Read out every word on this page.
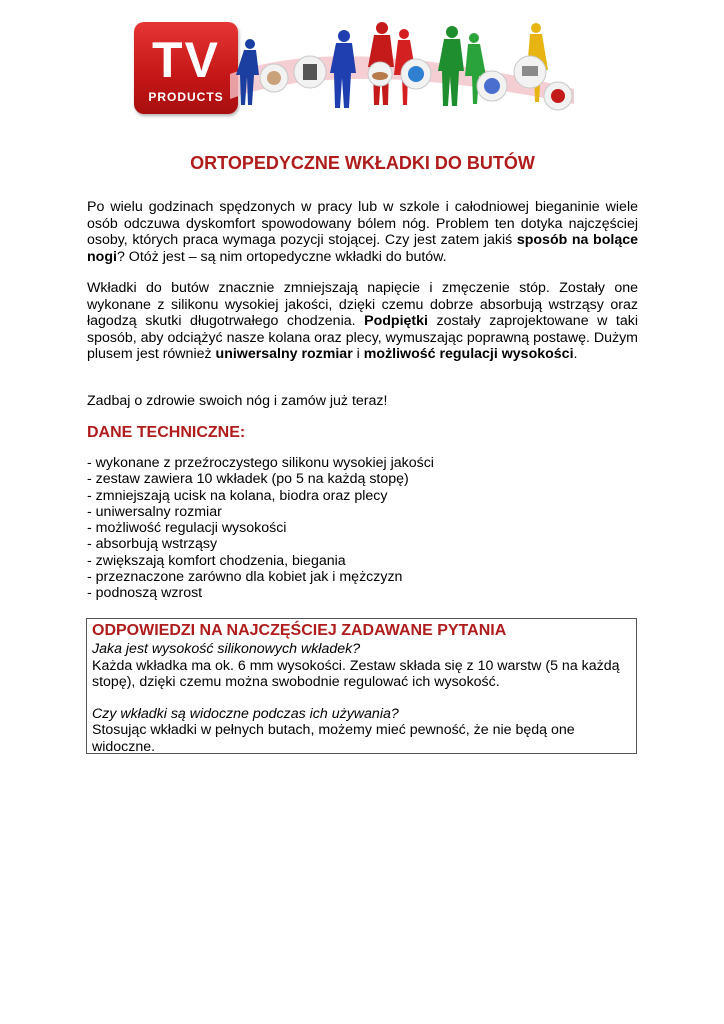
TV
PRODUCTS
ORTOPEDYCZNE WKŁADKI DO BUTÓW

Po wielu godzinach spędzonych w pracy lub w szkole i całodniowej bieganinie wiele osób odczuwa dyskomfort spowodowany bólem nóg. Problem ten dotyka najczęściej osoby, których praca wymaga pozycji stojącej. Czy jest zatem jakiś sposób na bolące nogi? Otóż jest – są nim ortopedyczne wkładki do butów.

Wkładki do butów znacznie zmniejszają napięcie i zmęczenie stóp. Zostały one wykonane z silikonu wysokiej jakości, dzięki czemu dobrze absorbują wstrząsy oraz łagodzą skutki długotrwałego chodzenia. Podpiętki zostały zaprojektowane w taki sposób, aby odciążyć nasze kolana oraz plecy, wymuszając poprawną postawę. Dużym plusem jest również uniwersalny rozmiar i możliwość regulacji wysokości.

Zadbaj o zdrowie swoich nóg i zamów już teraz!

DANE TECHNICZNE:
- wykonane z przeźroczystego silikonu wysokiej jakości
- zestaw zawiera 10 wkładek (po 5 na każdą stopę)
- zmniejszają ucisk na kolana, biodra oraz plecy
- uniwersalny rozmiar
- możliwość regulacji wysokości
- absorbują wstrząsy
- zwiększają komfort chodzenia, biegania
- przeznaczone zarówno dla kobiet jak i mężczyzn
- podnoszą wzrost
ODPOWIEDZI NA NAJCZĘŚCIEJ ZADAWANE PYTANIA

Jaka jest wysokość silikonowych wkładek?

Każda wkładka ma ok. 6 mm wysokości. Zestaw składa się z 10 warstw (5 na każdą stopę), dzięki czemu można swobodnie regulować ich wysokość.

Czy wkładki są widoczne podczas ich używania?

Stosując wkładki w pełnych butach, możemy mieć pewność, że nie będą one widoczne.
